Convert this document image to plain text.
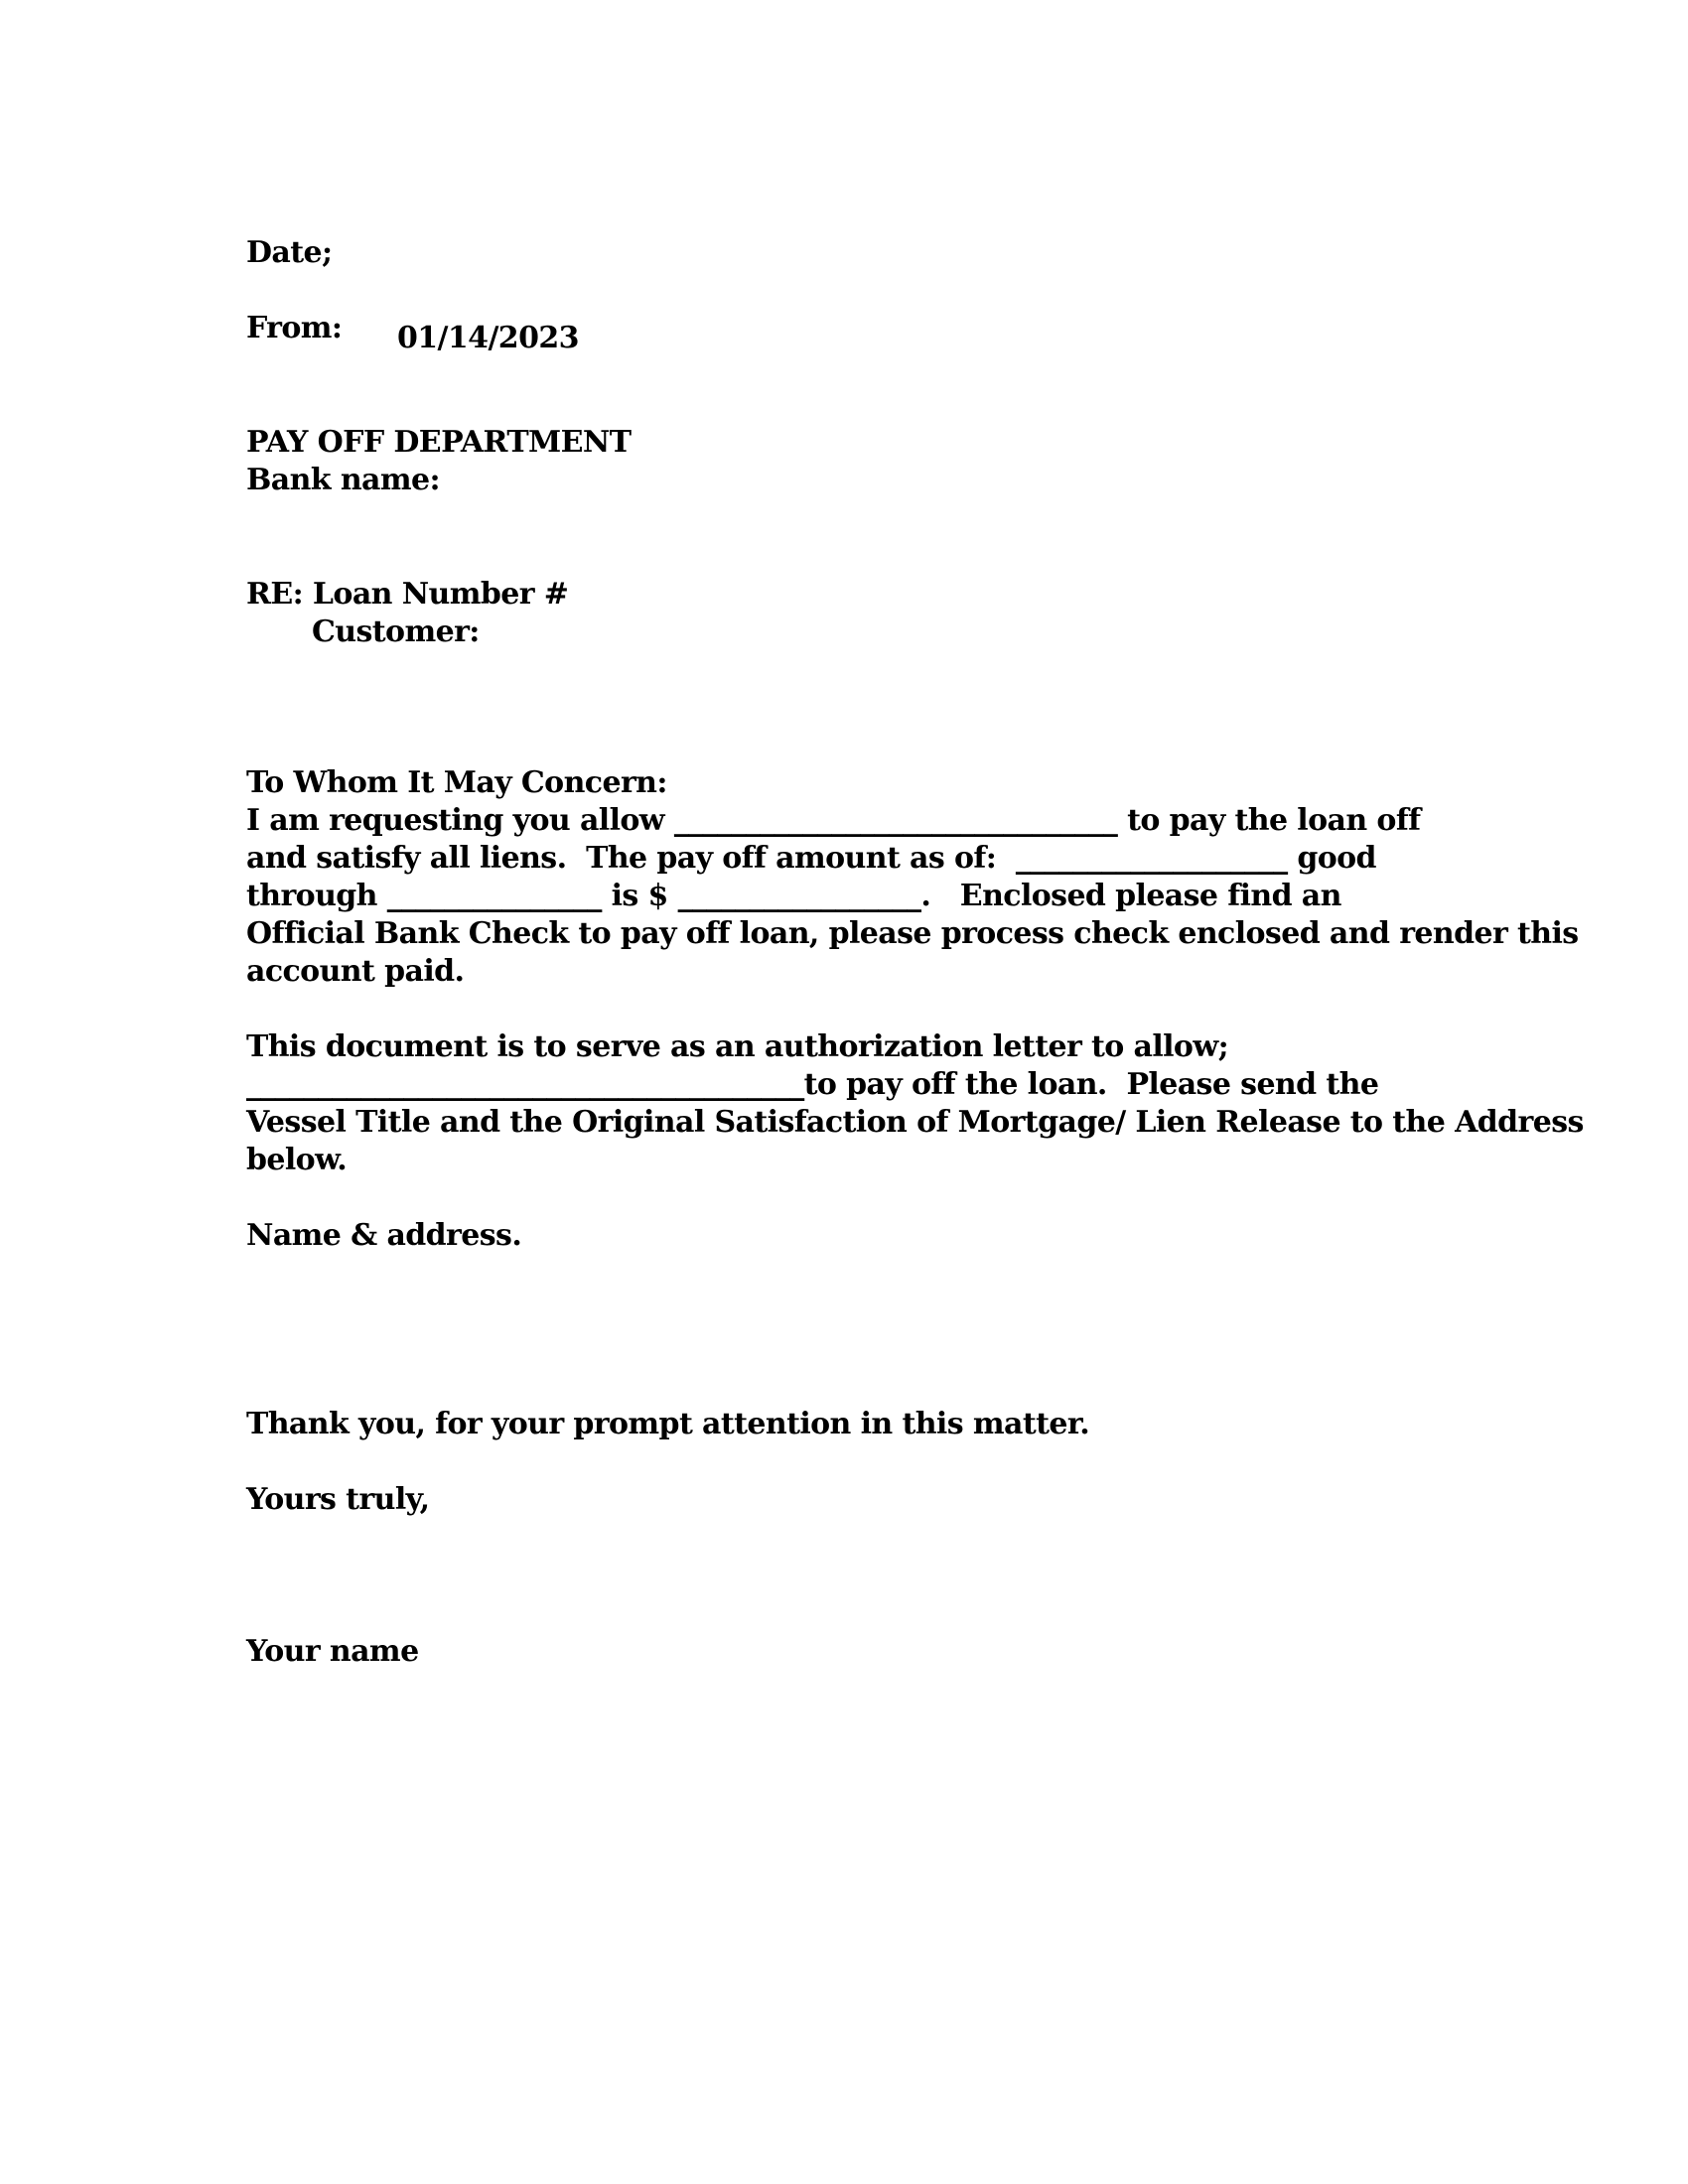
Date;
From: 01/14/2023
PAY OFF DEPARTMENT
Bank name:
RE: Loan Number #
Customer:
To Whom It May Concern:
I am requesting you allow _______________________________ to pay the loan off
and satisfy all liens.  The pay off amount as of:  ___________________ good
through _______________ is $ _________________.   Enclosed please find an
Official Bank Check to pay off loan, please process check enclosed and render this
account paid.
This document is to serve as an authorization letter to allow;
_______________________________________to pay off the loan.  Please send the
Vessel Title and the Original Satisfaction of Mortgage/ Lien Release to the Address
below.
Name & address.
Thank you, for your prompt attention in this matter.
Yours truly,
Your name
